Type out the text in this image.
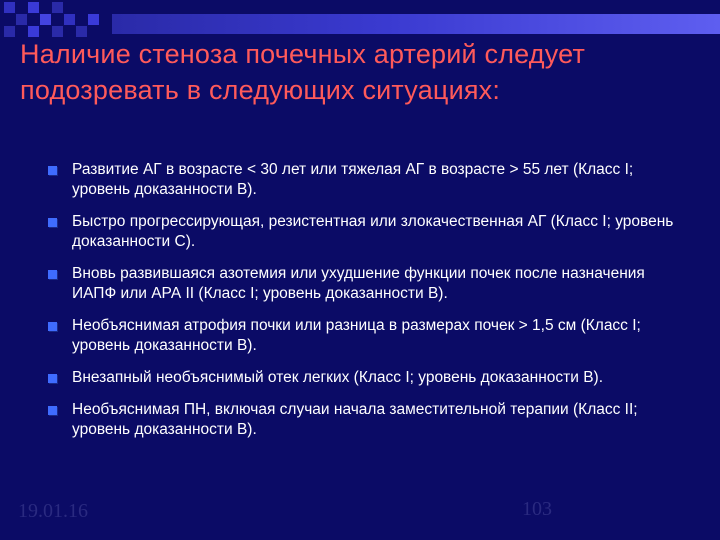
Наличие стеноза почечных артерий следует подозревать в следующих ситуациях:
Развитие АГ в возрасте < 30 лет или тяжелая АГ в возрасте > 55 лет (Класс I; уровень доказанности В).
Быстро прогрессирующая, резистентная или злокачественная АГ (Класс I; уровень доказанности С).
Вновь развившаяся азотемия или ухудшение функции почек после назначения ИАПФ или АРА II (Класс I; уровень доказанности В).
Необъяснимая атрофия почки или разница в размерах почек > 1,5 см (Класс I; уровень доказанности В).
Внезапный необъяснимый отек легких (Класс I; уровень доказанности В).
Необъяснимая ПН, включая случаи начала заместительной терапии (Класс II; уровень доказанности В).
19.01.16	103
